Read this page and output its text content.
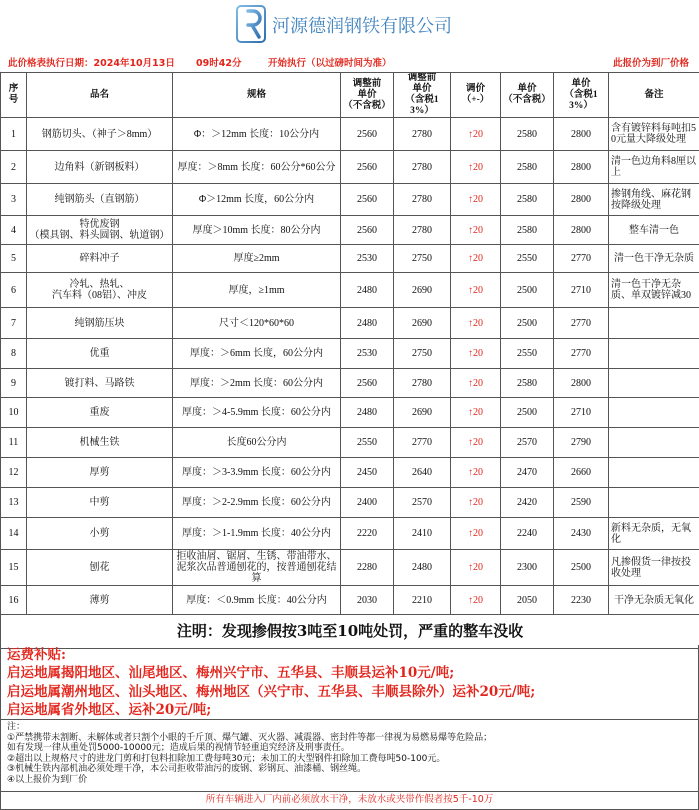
河源德润钢铁有限公司
此价格表执行日期：2024年10月13日 09时42分	开始执行（以过磅时间为准）	此报价为到厂价格
序
号	品名	规格	调整前
单价
（不含税）	调整前
单价
（含税13%）	调价
（+-）	单价
（不含税）	单价
（含税13%）	备注
1	钢筋切头、（神子＞8mm）	Φ：＞12mm 长度：10公分内	2560	2780	↑20	2580	2800	含有镀锌料每吨扣50元量大降级处理
2	边角料（新钢板料）	厚度：＞8mm 长度：60公分*60公分	2560	2780	↑20	2580	2800	清一色边角料8厘以上
3	纯钢筋头（直钢筋）	Φ＞12mm 长度，60公分内	2560	2780	↑20	2580	2800	掺钢角线、麻花钢按降级处理
4	特优废钢
（模具钢、料头圆钢、轨道钢）	厚度＞10mm 长度：80公分内	2560	2780	↑20	2580	2800	整车清一色
5	碎料冲子	厚度≥2mm	2530	2750	↑20	2550	2770	清一色干净无杂质
6	冷轧、热轧、
汽车料（08铝）、冲皮	厚度，≥1mm	2480	2690	↑20	2500	2710	清一色干净无杂质、单双镀锌减30
7	纯钢筋压块	尺寸＜120*60*60	2480	2690	↑20	2500	2770	
8	优重	厚度：＞6mm 长度，60公分内	2530	2750	↑20	2550	2770	
9	镀打料、马路铁	厚度：＞2mm 长度：60公分内	2560	2780	↑20	2580	2800	
10	重废	厚度：＞4-5.9mm 长度：60公分内	2480	2690	↑20	2500	2710	
11	机械生铁	长度60公分内	2550	2770	↑20	2570	2790	
12	厚剪	厚度：＞3-3.9mm 长度：60公分内	2450	2640	↑20	2470	2660	
13	中剪	厚度：＞2-2.9mm 长度：60公分内	2400	2570	↑20	2420	2590	
14	小剪	厚度：＞1-1.9mm 长度：40公分内	2220	2410	↑20	2240	2430	新料无杂质，无氧化
15	刨花	拒收油屑、锯屑、生锈、带油带水、泥浆次品普通刨花的，按普通刨花结算	2280	2480	↑20	2300	2500	凡掺假货一律按投收处理
16	薄剪	厚度：＜0.9mm 长度：40公分内	2030	2210	↑20	2050	2230	干净无杂质无氧化
注明：发现掺假按3吨至10吨处罚，严重的整车没收								
运费补贴:
启运地属揭阳地区、汕尾地区、梅州兴宁市、五华县、丰顺县运补10元/吨;
启运地属潮州地区、汕头地区、梅州地区（兴宁市、五华县、丰顺县除外）运补20元/吨;
启运地属省外地区、运补20元/吨;
注：
①严禁携带未割断、未解体或者只割个小眼的千斤顶、爆气罐、灭火器、减震器、密封件等都一律视为易燃易爆等危险品；
如有发现一律从重处罚5000-10000元；造成后果的视情节轻重追究经济及刑事责任。
②超出以上规格尺寸的进龙门剪和打包料扣除加工费每吨30元；未加工的大型钢件扣除加工费每吨50-100元。
③机械生铁内部机油必须处理干净，本公司拒收带油污的废钢、彩钢瓦、油漆桶、钢丝绳。
④以上报价为到厂价
所有车辆进入厂内前必须放水干净，未放水或夹带作假者按5千-10万
